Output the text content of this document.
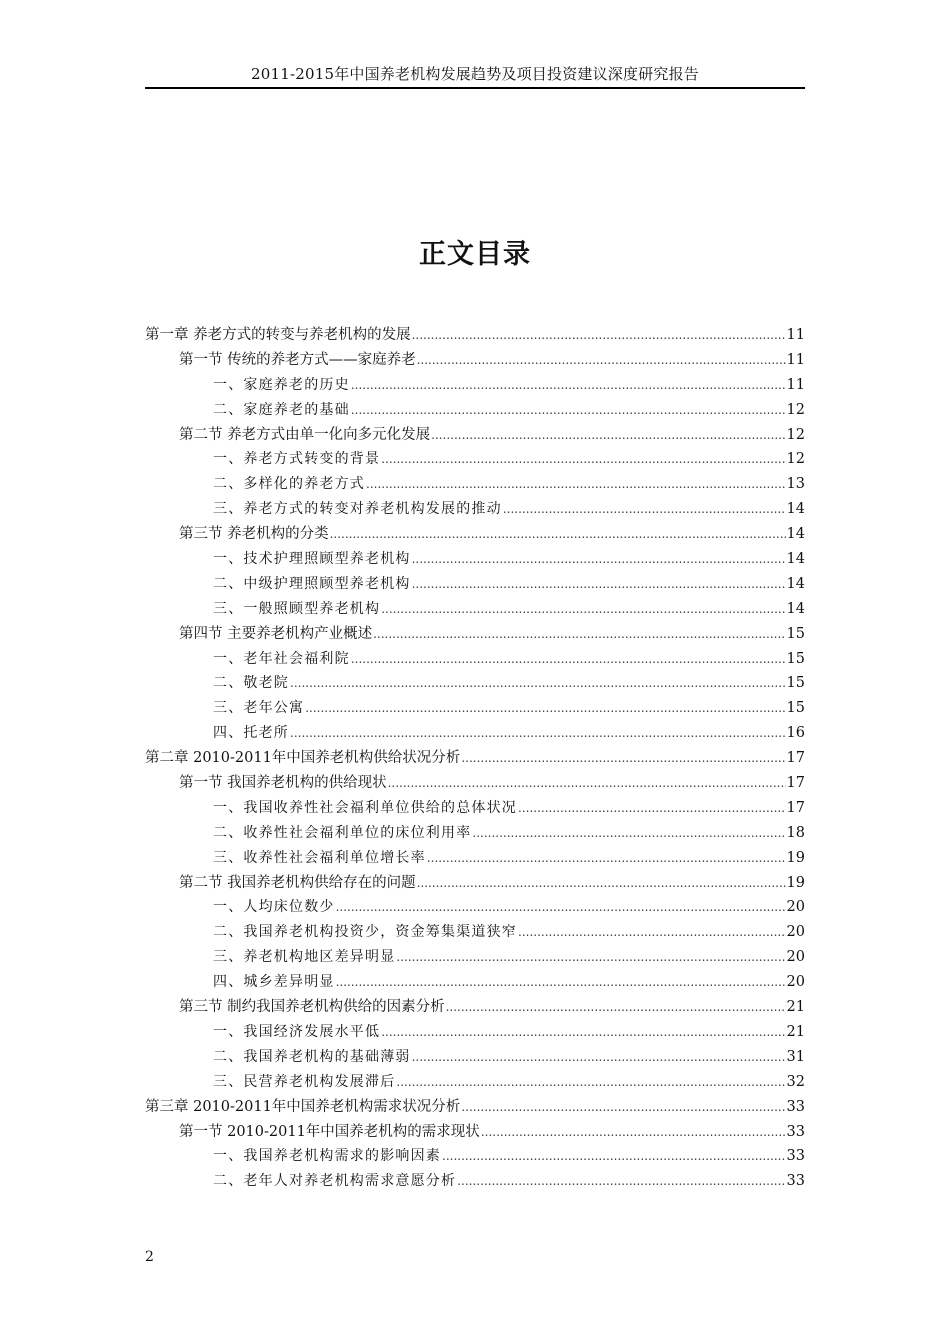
2011-2015年中国养老机构发展趋势及项目投资建议深度研究报告
正文目录
第一章 养老方式的转变与养老机构的发展 .....	11
第一节 传统的养老方式——家庭养老 .....	11
一、家庭养老的历史 .....	11
二、家庭养老的基础 .....	12
第二节 养老方式由单一化向多元化发展 .....	12
一、养老方式转变的背景 .....	12
二、多样化的养老方式 .....	13
三、养老方式的转变对养老机构发展的推动 .....	14
第三节 养老机构的分类 .....	14
一、技术护理照顾型养老机构 .....	14
二、中级护理照顾型养老机构 .....	14
三、一般照顾型养老机构 .....	14
第四节 主要养老机构产业概述 .....	15
一、老年社会福利院 .....	15
二、敬老院 .....	15
三、老年公寓 .....	15
四、托老所 .....	16
第二章 2010-2011年中国养老机构供给状况分析 .....	17
第一节 我国养老机构的供给现状 .....	17
一、我国收养性社会福利单位供给的总体状况 .....	17
二、收养性社会福利单位的床位利用率 .....	18
三、收养性社会福利单位增长率 .....	19
第二节 我国养老机构供给存在的问题 .....	19
一、人均床位数少 .....	20
二、我国养老机构投资少，资金筹集渠道狭窄 .....	20
三、养老机构地区差异明显 .....	20
四、城乡差异明显 .....	20
第三节 制约我国养老机构供给的因素分析 .....	21
一、我国经济发展水平低 .....	21
二、我国养老机构的基础薄弱 .....	31
三、民营养老机构发展滞后 .....	32
第三章 2010-2011年中国养老机构需求状况分析 .....	33
第一节 2010-2011年中国养老机构的需求现状 .....	33
一、我国养老机构需求的影响因素 .....	33
二、老年人对养老机构需求意愿分析 .....	33
2
